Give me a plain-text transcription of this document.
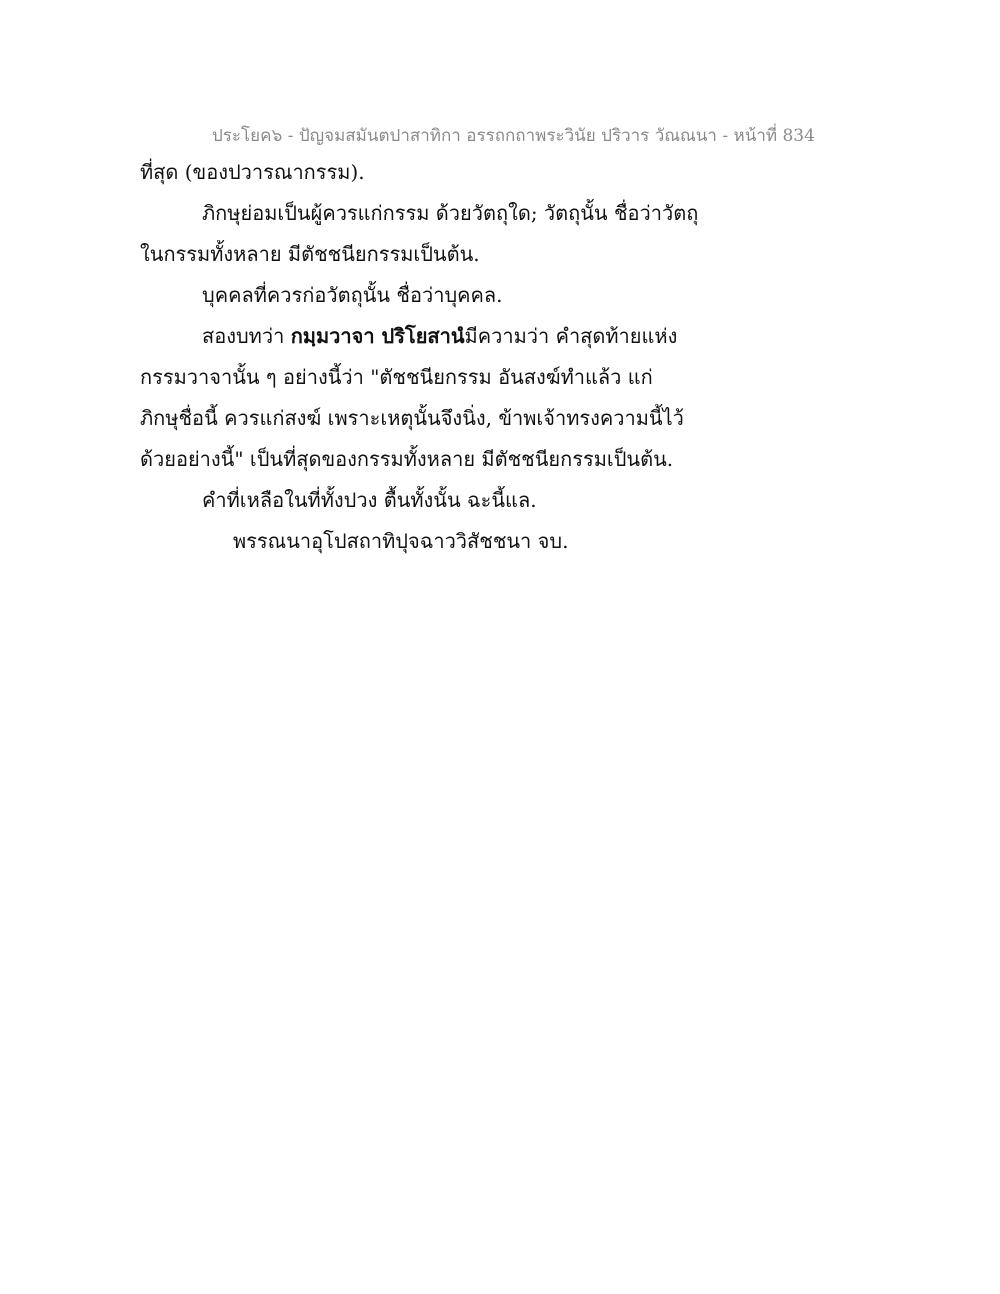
ประโยค๖ - ปัญจมสมันตปาสาทิกา อรรถกถาพระวินัย ปริวาร วัณณนา - หน้าที่ 834
ที่สุด (ของปวารณากรรม).
ภิกษุย่อมเป็นผู้ควรแก่กรรม ด้วยวัตถุใด; วัตถุนั้น ชื่อว่าวัตถุ
ในกรรมทั้งหลาย มีตัชชนียกรรมเป็นต้น.
บุคคลที่ควรก่อวัตถุนั้น ชื่อว่าบุคคล.
สองบทว่า กมฺมวาจา ปริโยสานํมีความว่า คำสุดท้ายแห่ง
กรรมวาจานั้น ๆ อย่างนี้ว่า "ตัชชนียกรรม อันสงฆ์ทำแล้ว แก่
ภิกษุชื่อนี้ ควรแก่สงฆ์ เพราะเหตุนั้นจึงนิ่ง, ข้าพเจ้าทรงความนี้ไว้
ด้วยอย่างนี้" เป็นที่สุดของกรรมทั้งหลาย มีตัชชนียกรรมเป็นต้น.
คำที่เหลือในที่ทั้งปวง ตื้นทั้งนั้น ฉะนี้แล.
พรรณนาอุโปสถาทิปุจฉาววิสัชชนา จบ.
